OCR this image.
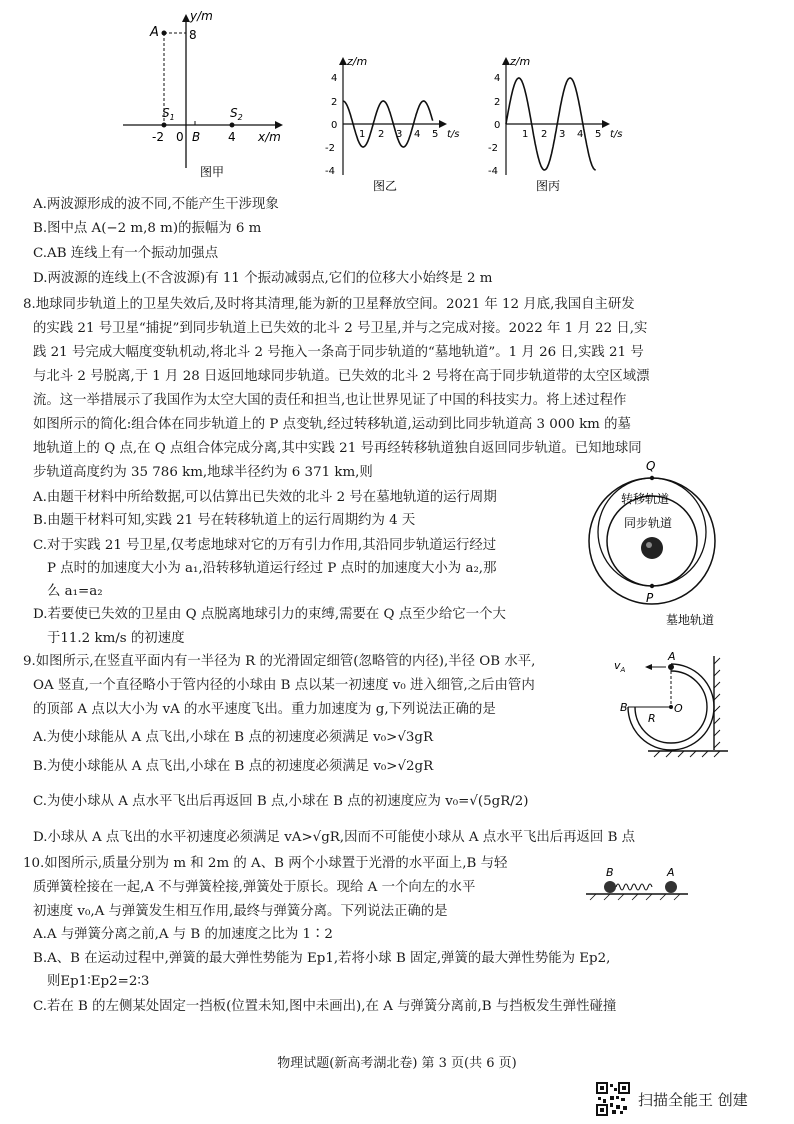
y/m
A	8
$S_1$	$S_2$
-2 0 B 4 x/m
图甲
z/m
4
2
0
-2
-4
1 2 3 4 5 t/s
图乙
z/m
4
2
0
-2
-4
1 2 3 4 5 t/s
图丙
A.两波源形成的波不同,不能产生干涉现象
B.图中点 A(−2 m,8 m)的振幅为 6 m
C.AB 连线上有一个振动加强点
D.两波源的连线上(不含波源)有 11 个振动减弱点,它们的位移大小始终是 2 m
8.地球同步轨道上的卫星失效后,及时将其清理,能为新的卫星释放空间。2021 年 12 月底,我国自主研发
的实践 21 号卫星“捕捉”到同步轨道上已失效的北斗 2 号卫星,并与之完成对接。2022 年 1 月 22 日,实
践 21 号完成大幅度变轨机动,将北斗 2 号拖入一条高于同步轨道的“墓地轨道”。1 月 26 日,实践 21 号
与北斗 2 号脱离,于 1 月 28 日返回地球同步轨道。已失效的北斗 2 号将在高于同步轨道带的太空区域漂
流。这一举措展示了我国作为太空大国的责任和担当,也让世界见证了中国的科技实力。将上述过程作
如图所示的简化:组合体在同步轨道上的 P 点变轨,经过转移轨道,运动到比同步轨道高 3 000 km 的墓
地轨道上的 Q 点,在 Q 点组合体完成分离,其中实践 21 号再经转移轨道独自返回同步轨道。已知地球同
步轨道高度约为 35 786 km,地球半径约为 6 371 km,则
A.由题干材料中所给数据,可以估算出已失效的北斗 2 号在墓地轨道的运行周期
B.由题干材料可知,实践 21 号在转移轨道上的运行周期约为 4 天
C.对于实践 21 号卫星,仅考虑地球对它的万有引力作用,其沿同步轨道运行经过
P 点时的加速度大小为 a₁,沿转移轨道运行经过 P 点时的加速度大小为 a₂,那
么 a₁=a₂
D.若要使已失效的卫星由 Q 点脱离地球引力的束缚,需要在 Q 点至少给它一个大
于11.2 km/s 的初速度
Q
P
转移轨道
同步轨道
墓地轨道
9.如图所示,在竖直平面内有一半径为 R 的光滑固定细管(忽略管的内径),半径 OB 水平,
OA 竖直,一个直径略小于管内径的小球由 B 点以某一初速度 v₀ 进入细管,之后由管内
的顶部 A 点以大小为 vA 的水平速度飞出。重力加速度为 g,下列说法正确的是
A.为使小球能从 A 点飞出,小球在 B 点的初速度必须满足 v₀>√3gR
B.为使小球能从 A 点飞出,小球在 B 点的初速度必须满足 v₀>√2gR
C.为使小球从 A 点水平飞出后再返回 B 点,小球在 B 点的初速度应为 v₀=√(5gR/2)
D.小球从 A 点飞出的水平初速度必须满足 vA>√gR,因而不可能使小球从 A 点水平飞出后再返回 B 点
$v_A$
A
B
R
O
10.如图所示,质量分别为 m 和 2m 的 A、B 两个小球置于光滑的水平面上,B 与轻
质弹簧栓接在一起,A 不与弹簧栓接,弹簧处于原长。现给 A 一个向左的水平
初速度 v₀,A 与弹簧发生相互作用,最终与弹簧分离。下列说法正确的是
A.A 与弹簧分离之前,A 与 B 的加速度之比为 1∶2
B.A、B 在运动过程中,弹簧的最大弹性势能为 Ep1,若将小球 B 固定,弹簧的最大弹性势能为 Ep2,
则Ep1∶Ep2=2∶3
C.若在 B 的左侧某处固定一挡板(位置未知,图中未画出),在 A 与弹簧分离前,B 与挡板发生弹性碰撞
B	A
物理试题(新高考湖北卷) 第 3 页(共 6 页)
扫描全能王 创建
